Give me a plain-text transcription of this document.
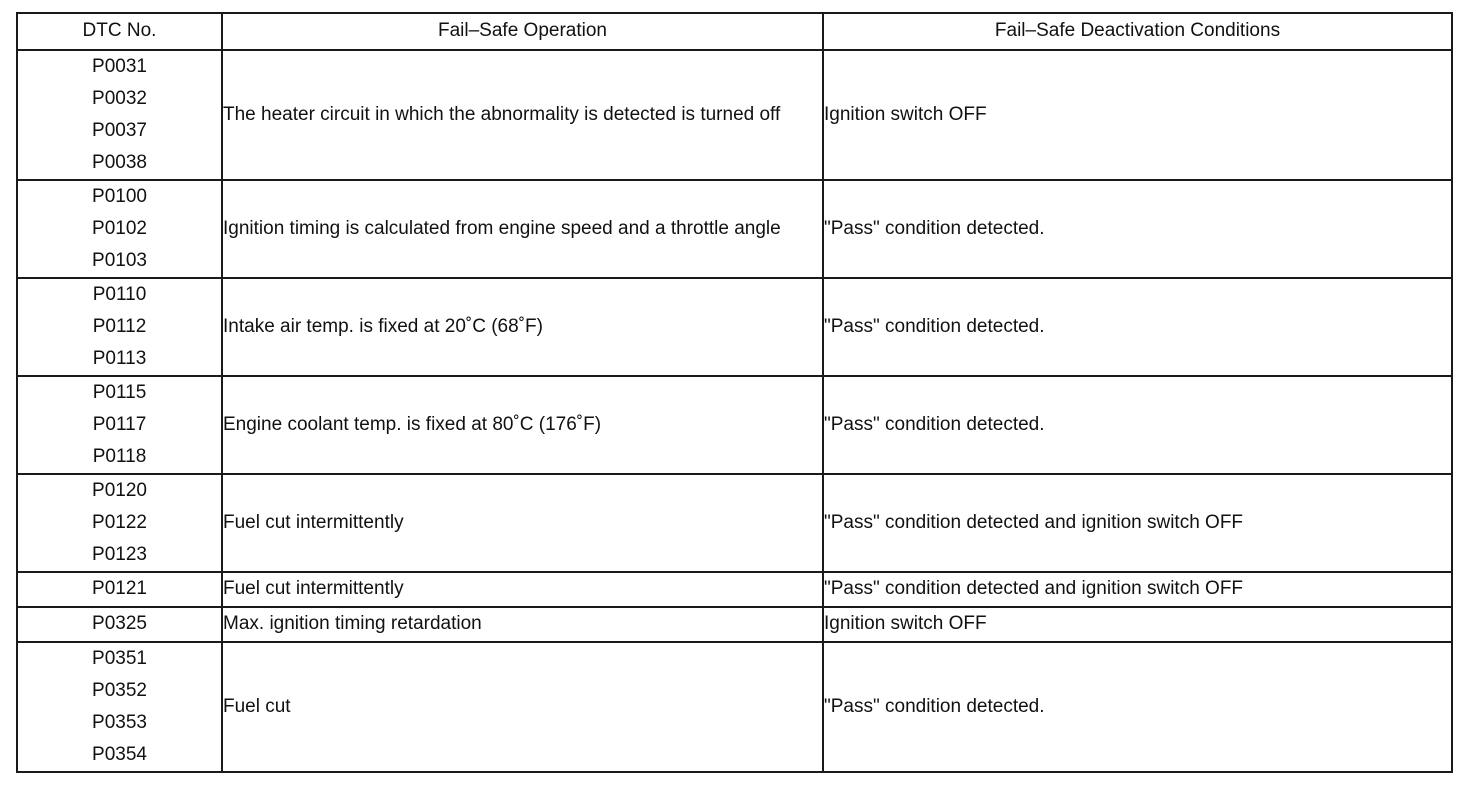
DTC No.	Fail–Safe Operation	Fail–Safe Deactivation Conditions

P0031
P0032
P0037
P0038	The heater circuit in which the abnormality is detected is turned off	Ignition switch OFF

P0100
P0102
P0103	Ignition timing is calculated from engine speed and a throttle angle	"Pass" condition detected.

P0110
P0112
P0113	Intake air temp. is fixed at 20˚C (68˚F)	"Pass" condition detected.

P0115
P0117
P0118	Engine coolant temp. is fixed at 80˚C (176˚F)	"Pass" condition detected.

P0120
P0122
P0123	Fuel cut intermittently	"Pass" condition detected and ignition switch OFF

P0121	Fuel cut intermittently	"Pass" condition detected and ignition switch OFF

P0325	Max. ignition timing retardation	Ignition switch OFF

P0351
P0352
P0353
P0354	Fuel cut	"Pass" condition detected.
